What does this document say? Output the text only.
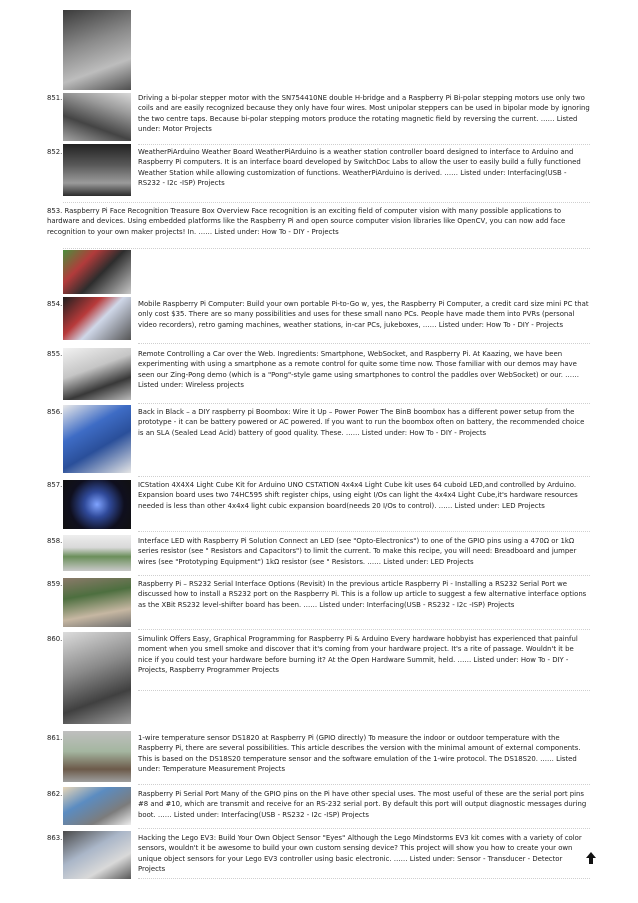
851.	Driving a bi-polar stepper motor with the SN754410NE double H-bridge and a Raspberry Pi Bi-polar stepping motors use only two coils and are easily recognized because they only have four wires. Most unipolar steppers can be used in bipolar mode by ignoring the two centre taps. Because bi-polar stepping motors produce the rotating magnetic field by reversing the current. …… Listed under: Motor Projects
852.	WeatherPiArduino Weather Board WeatherPiArduino is a weather station controller board designed to interface to Arduino and Raspberry Pi computers. It is an interface board developed by SwitchDoc Labs to allow the user to easily build a fully functioned Weather Station while allowing customization of functions. WeatherPiArduino is derived. …… Listed under: Interfacing(USB - RS232 - I2c -ISP) Projects
853. Raspberry Pi Face Recognition Treasure Box Overview Face recognition is an exciting field of computer vision with many possible applications to hardware and devices. Using embedded platforms like the Raspberry Pi and open source computer vision libraries like OpenCV, you can now add face recognition to your own maker projects! In. …… Listed under: How To - DIY - Projects
854.	Mobile Raspberry Pi Computer: Build your own portable Pi-to-Go w, yes, the Raspberry Pi Computer, a credit card size mini PC that only cost $35. There are so many possibilities and uses for these small nano PCs. People have made them into PVRs (personal video recorders), retro gaming machines, weather stations, in-car PCs, jukeboxes, …… Listed under: How To - DIY - Projects
855.	Remote Controlling a Car over the Web. Ingredients: Smartphone, WebSocket, and Raspberry Pi. At Kaazing, we have been experimenting with using a smartphone as a remote control for quite some time now. Those familiar with our demos may have seen our Zing-Pong demo (which is a "Pong"-style game using smartphones to control the paddles over WebSocket) or our. …… Listed under: Wireless projects
856.	Back in Black – a DIY raspberry pi Boombox: Wire it Up – Power Power The BinB boombox has a different power setup from the prototype - it can be battery powered or AC powered. If you want to run the boombox often on battery, the recommended choice is an SLA (Sealed Lead Acid) battery of good quality. These. …… Listed under: How To - DIY - Projects
857.	ICStation 4X4X4 Light Cube Kit for Arduino UNO CSTATION 4x4x4 Light Cube kit uses 64 cuboid LED,and controlled by Arduino. Expansion board uses two 74HC595 shift register chips, using eight I/Os can light the 4x4x4 Light Cube,it's hardware resources needed is less than other 4x4x4 light cubic expansion board(needs 20 I/Os to control). …… Listed under: LED Projects
858.	Interface LED with Raspberry Pi Solution Connect an LED (see "Opto-Electronics") to one of the GPIO pins using a 470Ω or 1kΩ series resistor (see " Resistors and Capacitors") to limit the current. To make this recipe, you will need: Breadboard and jumper wires (see "Prototyping Equipment") 1kΩ resistor (see " Resistors. …… Listed under: LED Projects
859.	Raspberry Pi – RS232 Serial Interface Options (Revisit) In the previous article Raspberry Pi - Installing a RS232 Serial Port we discussed how to install a RS232 port on the Raspberry Pi. This is a follow up article to suggest a few alternative interface options as the XBit RS232 level-shifter board has been. …… Listed under: Interfacing(USB - RS232 - I2c -ISP) Projects
860.	Simulink Offers Easy, Graphical Programming for Raspberry Pi & Arduino Every hardware hobbyist has experienced that painful moment when you smell smoke and discover that it's coming from your hardware project. It's a rite of passage. Wouldn't it be nice if you could test your hardware before burning it? At the Open Hardware Summit, held. …… Listed under: How To - DIY - Projects, Raspberry Programmer Projects
861.	1-wire temperature sensor DS1820 at Raspberry Pi (GPIO directly) To measure the indoor or outdoor temperature with the Raspberry Pi, there are several possibilities. This article describes the version with the minimal amount of external components. This is based on the DS18S20 temperature sensor and the software emulation of the 1-wire protocol. The DS18S20. …… Listed under: Temperature Measurement Projects
862.	Raspberry Pi Serial Port Many of the GPIO pins on the Pi have other special uses. The most useful of these are the serial port pins #8 and #10, which are transmit and receive for an RS-232 serial port. By default this port will output diagnostic messages during boot. …… Listed under: Interfacing(USB - RS232 - I2c -ISP) Projects
863.	Hacking the Lego EV3: Build Your Own Object Sensor "Eyes" Although the Lego Mindstorms EV3 kit comes with a variety of color sensors, wouldn't it be awesome to build your own custom sensing device? This project will show you how to create your own unique object sensors for your Lego EV3 controller using basic electronic. …… Listed under: Sensor - Transducer - Detector Projects
